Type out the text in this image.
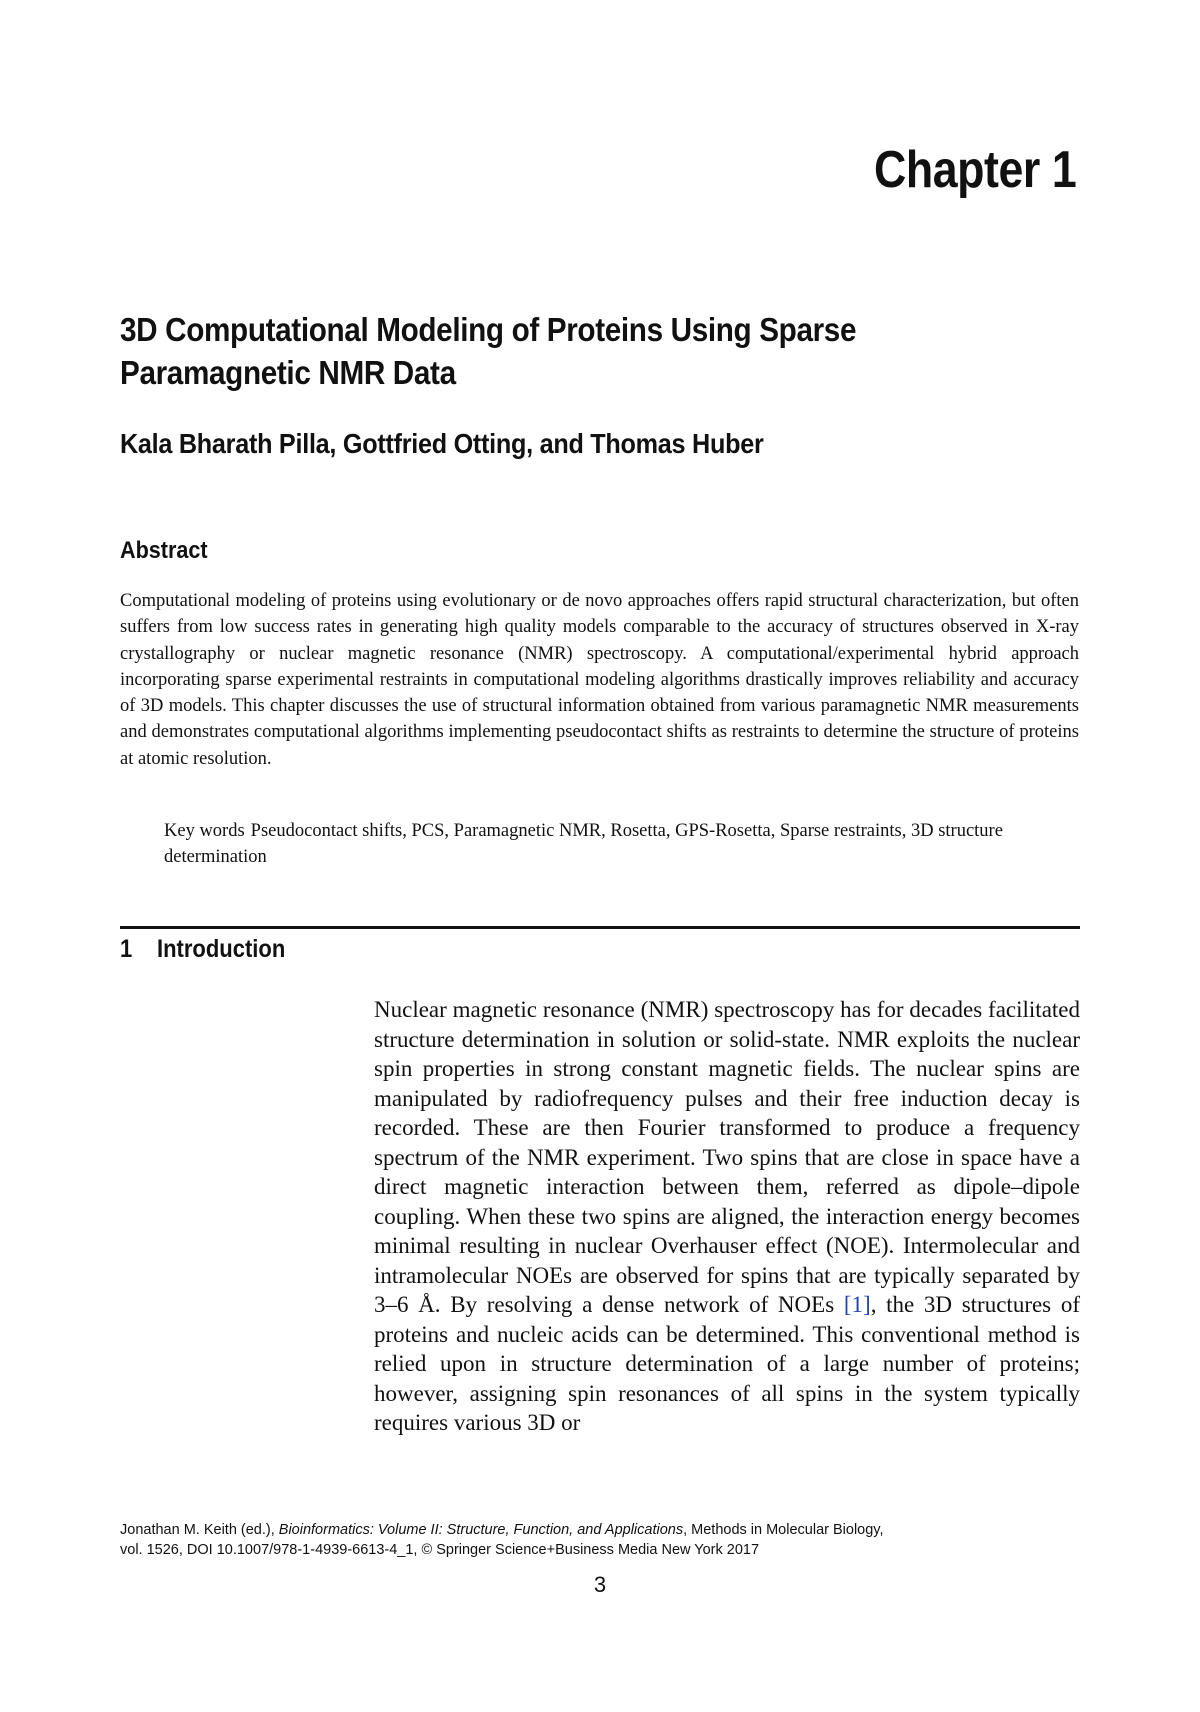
Chapter 1
3D Computational Modeling of Proteins Using Sparse Paramagnetic NMR Data

Kala Bharath Pilla, Gottfried Otting, and Thomas Huber

Abstract

Computational modeling of proteins using evolutionary or de novo approaches offers rapid structural characterization, but often suffers from low success rates in generating high quality models comparable to the accuracy of structures observed in X-ray crystallography or nuclear magnetic resonance (NMR) spectroscopy. A computational/experimental hybrid approach incorporating sparse experimental restraints in computational modeling algorithms drastically improves reliability and accuracy of 3D models. This chapter discusses the use of structural information obtained from various paramagnetic NMR measurements and demonstrates computational algorithms implementing pseudocontact shifts as restraints to determine the structure of proteins at atomic resolution.

Key words Pseudocontact shifts, PCS, Paramagnetic NMR, Rosetta, GPS-Rosetta, Sparse restraints, 3D structure determination

1 Introduction

Nuclear magnetic resonance (NMR) spectroscopy has for decades facilitated structure determination in solution or solid-state. NMR exploits the nuclear spin properties in strong constant magnetic fields. The nuclear spins are manipulated by radiofrequency pulses and their free induction decay is recorded. These are then Fourier transformed to produce a frequency spectrum of the NMR experiment. Two spins that are close in space have a direct magnetic interaction between them, referred as dipole–dipole coupling. When these two spins are aligned, the interaction energy becomes minimal resulting in nuclear Overhauser effect (NOE). Intermolecular and intramolecular NOEs are observed for spins that are typically separated by 3–6 Å. By resolving a dense network of NOEs [1], the 3D structures of proteins and nucleic acids can be determined. This conventional method is relied upon in structure determination of a large number of proteins; however, assigning spin resonances of all spins in the system typically requires various 3D or

Jonathan M. Keith (ed.), Bioinformatics: Volume II: Structure, Function, and Applications, Methods in Molecular Biology,
vol. 1526, DOI 10.1007/978-1-4939-6613-4_1, © Springer Science+Business Media New York 2017

3
